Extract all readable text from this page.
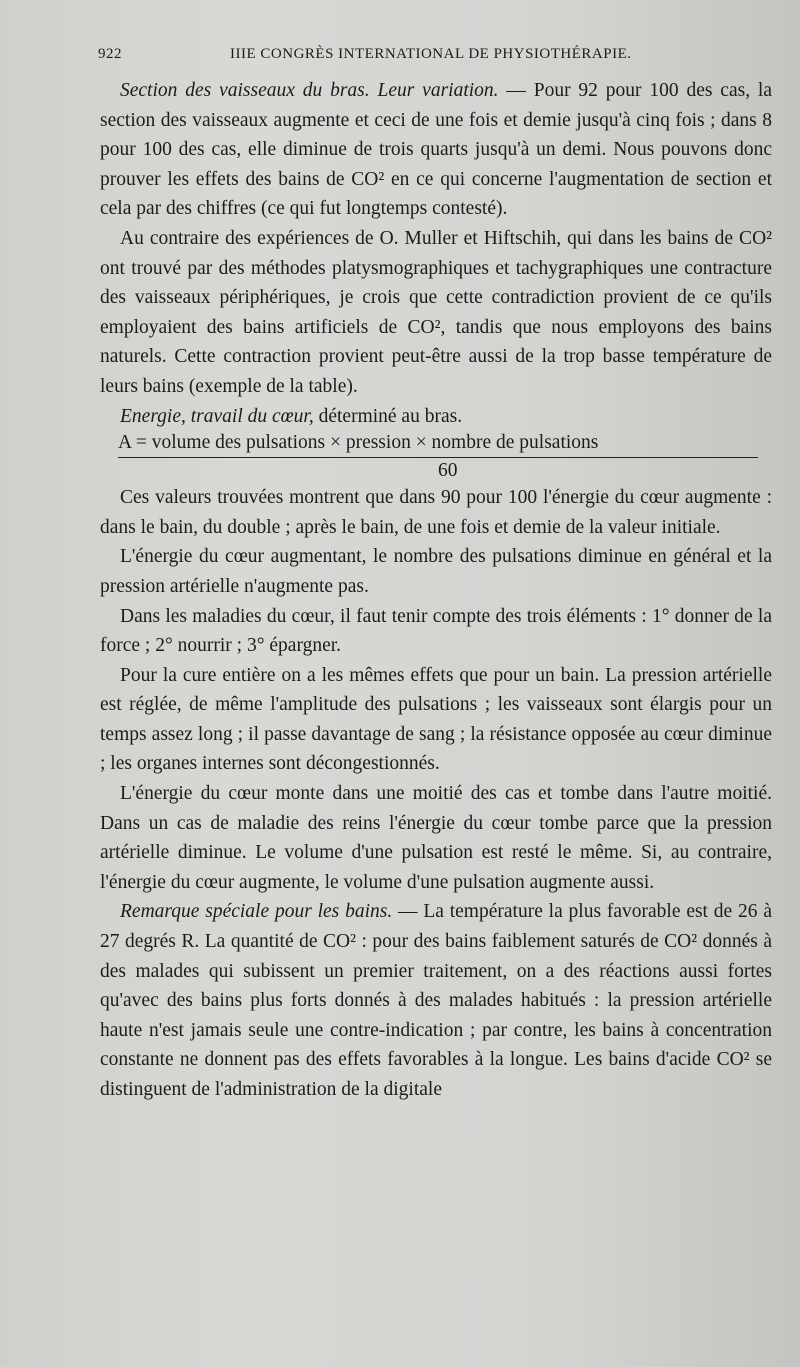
922	IIIE CONGRÈS INTERNATIONAL DE PHYSIOTHÉRAPIE.

Section des vaisseaux du bras. Leur variation. — Pour 92 pour 100 des cas, la section des vaisseaux augmente et ceci de une fois et demie jusqu'à cinq fois ; dans 8 pour 100 des cas, elle diminue de trois quarts jusqu'à un demi. Nous pouvons donc prouver les effets des bains de CO² en ce qui concerne l'augmentation de section et cela par des chiffres (ce qui fut longtemps contesté).

Au contraire des expériences de O. Muller et Hiftschih, qui dans les bains de CO² ont trouvé par des méthodes platysmographiques et tachygraphiques une contracture des vaisseaux périphériques, je crois que cette contradiction provient de ce qu'ils employaient des bains artificiels de CO², tandis que nous employons des bains naturels. Cette contraction provient peut-être aussi de la trop basse température de leurs bains (exemple de la table).

Energie, travail du cœur, déterminé au bras.

A = volume des pulsations × pression × nombre de pulsations
60

Ces valeurs trouvées montrent que dans 90 pour 100 l'énergie du cœur augmente : dans le bain, du double ; après le bain, de une fois et demie de la valeur initiale.

L'énergie du cœur augmentant, le nombre des pulsations diminue en général et la pression artérielle n'augmente pas.

Dans les maladies du cœur, il faut tenir compte des trois éléments : 1° donner de la force ; 2° nourrir ; 3° épargner.

Pour la cure entière on a les mêmes effets que pour un bain. La pression artérielle est réglée, de même l'amplitude des pulsations ; les vaisseaux sont élargis pour un temps assez long ; il passe davantage de sang ; la résistance opposée au cœur diminue ; les organes internes sont décongestionnés.

L'énergie du cœur monte dans une moitié des cas et tombe dans l'autre moitié. Dans un cas de maladie des reins l'énergie du cœur tombe parce que la pression artérielle diminue. Le volume d'une pulsation est resté le même. Si, au contraire, l'énergie du cœur augmente, le volume d'une pulsation augmente aussi.

Remarque spéciale pour les bains. — La température la plus favorable est de 26 à 27 degrés R. La quantité de CO² : pour des bains faiblement saturés de CO² donnés à des malades qui subissent un premier traitement, on a des réactions aussi fortes qu'avec des bains plus forts donnés à des malades habitués : la pression artérielle haute n'est jamais seule une contre-indication ; par contre, les bains à concentration constante ne donnent pas des effets favorables à la longue. Les bains d'acide CO² se distinguent de l'administration de la digitale
